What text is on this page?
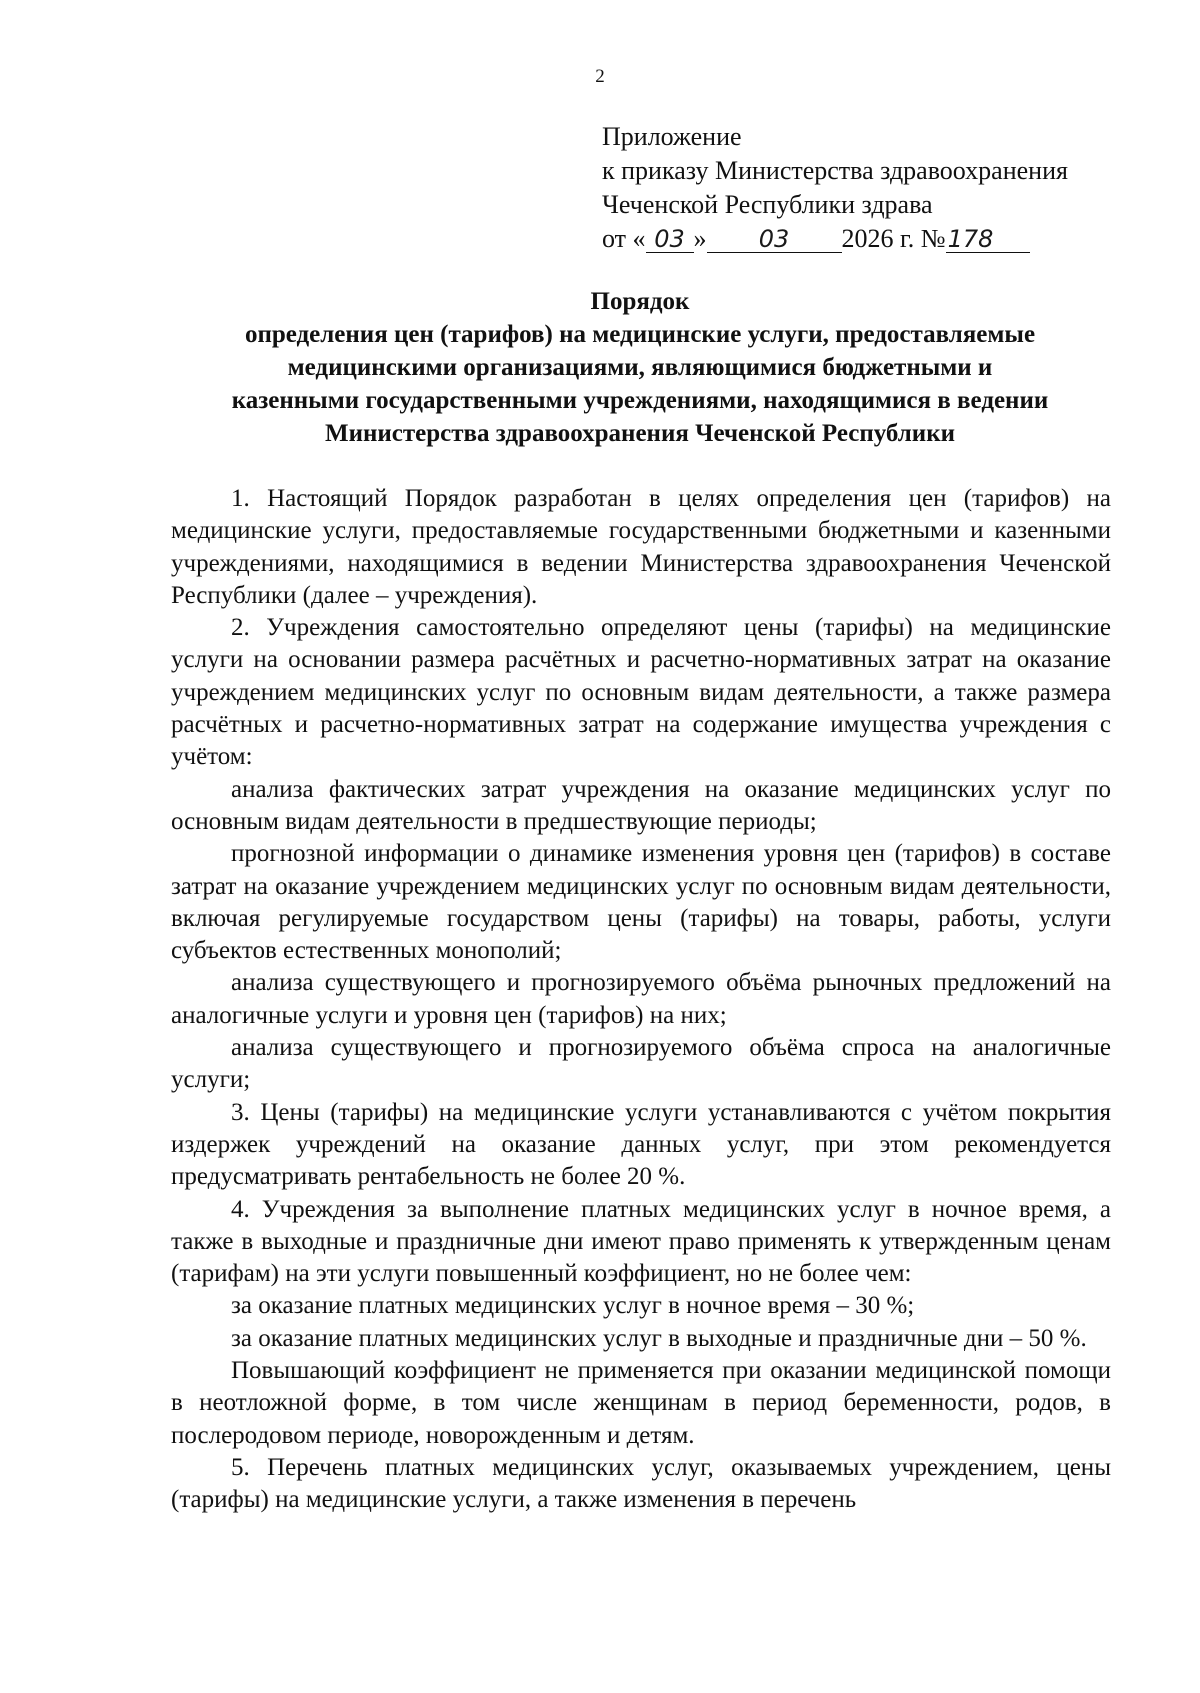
2
Приложение
к приказу Министерства здравоохранения
Чеченской Республики здрава
от « 03 » 03 2026 г. №178
Порядок
определения цен (тарифов) на медицинские услуги, предоставляемые
медицинскими организациями, являющимися бюджетными и
казенными государственными учреждениями, находящимися в ведении
Министерства здравоохранения Чеченской Республики

1. Настоящий Порядок разработан в целях определения цен (тарифов) на медицинские услуги, предоставляемые государственными бюджетными и казенными учреждениями, находящимися в ведении Министерства здравоохранения Чеченской Республики (далее – учреждения).

2. Учреждения самостоятельно определяют цены (тарифы) на медицинские услуги на основании размера расчётных и расчетно-нормативных затрат на оказание учреждением медицинских услуг по основным видам деятельности, а также размера расчётных и расчетно-нормативных затрат на содержание имущества учреждения с учётом:

анализа фактических затрат учреждения на оказание медицинских услуг по основным видам деятельности в предшествующие периоды;

прогнозной информации о динамике изменения уровня цен (тарифов) в составе затрат на оказание учреждением медицинских услуг по основным видам деятельности, включая регулируемые государством цены (тарифы) на товары, работы, услуги субъектов естественных монополий;

анализа существующего и прогнозируемого объёма рыночных предложений на аналогичные услуги и уровня цен (тарифов) на них;

анализа существующего и прогнозируемого объёма спроса на аналогичные услуги;

3. Цены (тарифы) на медицинские услуги устанавливаются с учётом покрытия издержек учреждений на оказание данных услуг, при этом рекомендуется предусматривать рентабельность не более 20 %.

4. Учреждения за выполнение платных медицинских услуг в ночное время, а также в выходные и праздничные дни имеют право применять к утвержденным ценам (тарифам) на эти услуги повышенный коэффициент, но не более чем:

за оказание платных медицинских услуг в ночное время – 30 %;

за оказание платных медицинских услуг в выходные и праздничные дни – 50 %.

Повышающий коэффициент не применяется при оказании медицинской помощи в неотложной форме, в том числе женщинам в период беременности, родов, в послеродовом периоде, новорожденным и детям.

5. Перечень платных медицинских услуг, оказываемых учреждением, цены (тарифы) на медицинские услуги, а также изменения в перечень
